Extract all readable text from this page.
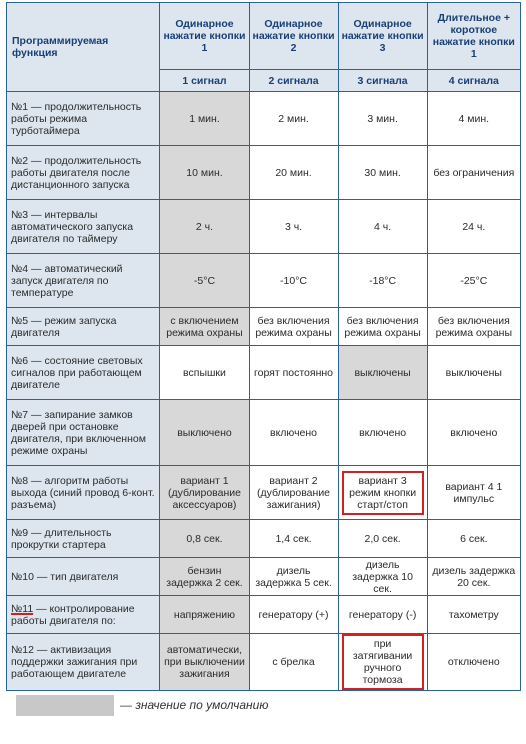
Программируемая функция	Одинарное нажатие кнопки 1	Одинарное нажатие кнопки 2	Одинарное нажатие кнопки 3	Длительное + короткое нажатие кнопки 1
	1 сигнал	2 сигнала	3 сигнала	4 сигнала
№1 — продолжительность работы режима турботаймера	1 мин.	2 мин.	3 мин.	4 мин.
№2 — продолжительность работы двигателя после дистанционного запуска	10 мин.	20 мин.	30 мин.	без ограничения
№3 — интервалы автоматического запуска двигателя по таймеру	2 ч.	3 ч.	4 ч.	24 ч.
№4 — автоматический запуск двигателя по температуре	-5°С	-10°С	-18°С	-25°С
№5 — режим запуска двигателя	с включением режима охраны	без включения режима охраны	без включения режима охраны	без включения режима охраны
№6 — состояние световых сигналов при работающем двигателе	вспышки	горят постоянно	выключены	выключены
№7 — запирание замков дверей при остановке двигателя, при включенном режиме охраны	выключено	включено	включено	включено
№8 — алгоритм работы выхода (синий провод 6-конт. разъема)	вариант 1 (дублирование аксессуаров)	вариант 2 (дублирование зажигания)	вариант 3 режим кнопки старт/стоп	вариант 4 1 импульс
№9 — длительность прокрутки стартера	0,8 сек.	1,4 сек.	2,0 сек.	6 сек.
№10 — тип двигателя	бензин задержка 2 сек.	дизель задержка 5 сек.	дизель задержка 10 сек.	дизель задержка 20 сек.
№11 — контролирование работы двигателя по:	напряжению	генератору (+)	генератору (-)	тахометру
№12 — активизация поддержки зажигания при работающем двигателе	автоматически, при выключении зажигания	с брелка	при затягивании ручного тормоза	отключено
— значение по умолчанию
